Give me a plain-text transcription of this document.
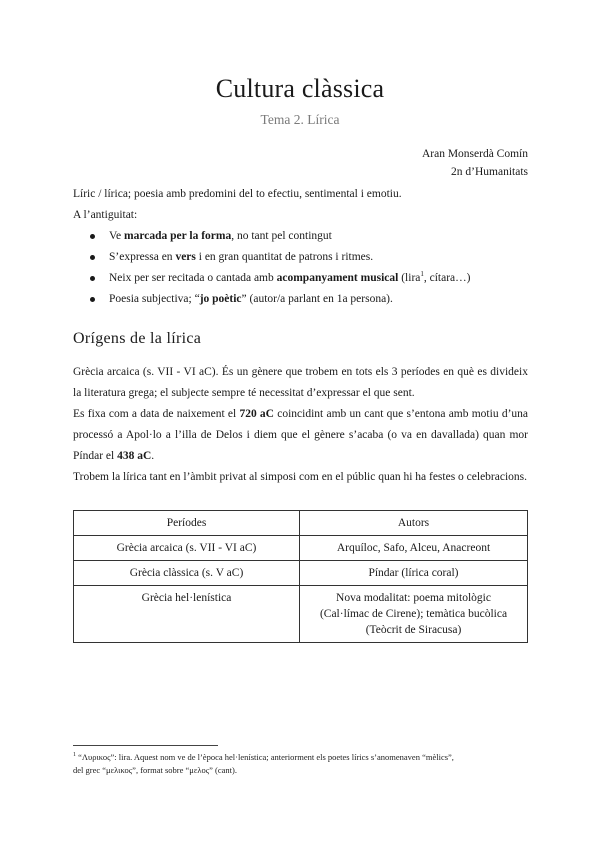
Cultura clàssica
Tema 2. Lírica
Aran Monserdà Comín
2n d’Humanitats

Líric / lírica; poesia amb predomini del to efectiu, sentimental i emotiu.

A l’antiguitat:

Ve marcada per la forma, no tant pel contingut
S’expressa en vers i en gran quantitat de patrons i ritmes.
Neix per ser recitada o cantada amb acompanyament musical (lira$^1$, cítara…)
Poesia subjectiva; “jo poètic” (autor/a parlant en 1a persona).
Orígens de la lírica

Grècia arcaica (s. VII - VI aC). És un gènere que trobem en tots els 3 períodes en què es divideix la literatura grega; el subjecte sempre té necessitat d’expressar el que sent.

Es fixa com a data de naixement el 720 aC coincidint amb un cant que s’entona amb motiu d’una processó a Apol·lo a l’illa de Delos i diem que el gènere s’acaba (o va en davallada) quan mor Píndar el 438 aC.

Trobem la lírica tant en l’àmbit privat al simposi com en el públic quan hi ha festes o celebracions.

Períodes	Autors
Grècia arcaica (s. VII - VI aC)	Arquíloc, Safo, Alceu, Anacreont

Grècia clàssica (s. V aC)	Píndar (lírica coral)

Grècia hel·lenística	Nova modalitat: poema mitològic
(Cal·límac de Cirene); temàtica bucòlica
(Teòcrit de Siracusa)
$^1$ “Λυρικος”: lira. Aquest nom ve de l’època hel·lenística; anteriorment els poetes lírics s’anomenaven “mèlics”,
del grec “μελικος”, format sobre “μελος” (cant).
